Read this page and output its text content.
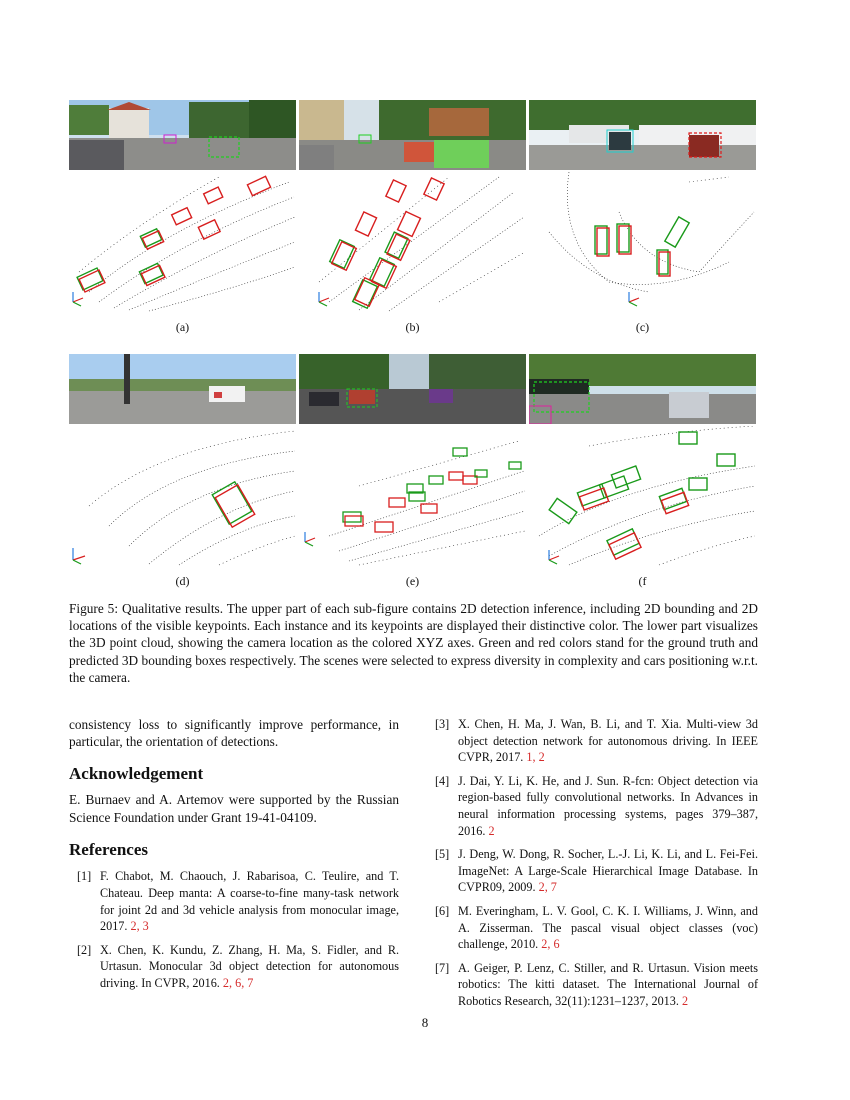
(a)	(b)	(c)
(d)	(e)	(f
Figure 5: Qualitative results. The upper part of each sub-figure contains 2D detection inference, including 2D bounding and 2D locations of the visible keypoints. Each instance and its keypoints are displayed their distinctive color. The lower part visualizes the 3D point cloud, showing the camera location as the colored XYZ axes. Green and red colors stand for the ground truth and predicted 3D bounding boxes respectively. The scenes were selected to express diversity in complexity and cars positioning w.r.t. the camera.

consistency loss to significantly improve performance, in particular, the orientation of detections.

Acknowledgement

E. Burnaev and A. Artemov were supported by the Russian Science Foundation under Grant 19-41-04109.

References
[1] F. Chabot, M. Chaouch, J. Rabarisoa, C. Teulire, and T. Chateau. Deep manta: A coarse-to-fine many-task network for joint 2d and 3d vehicle analysis from monocular image, 2017. 2, 3
[2] X. Chen, K. Kundu, Z. Zhang, H. Ma, S. Fidler, and R. Urtasun. Monocular 3d object detection for autonomous driving. In CVPR, 2016. 2, 6, 7
[3] X. Chen, H. Ma, J. Wan, B. Li, and T. Xia. Multi-view 3d object detection network for autonomous driving. In IEEE CVPR, 2017. 1, 2
[4] J. Dai, Y. Li, K. He, and J. Sun. R-fcn: Object detection via region-based fully convolutional networks. In Advances in neural information processing systems, pages 379–387, 2016. 2
[5] J. Deng, W. Dong, R. Socher, L.-J. Li, K. Li, and L. Fei-Fei. ImageNet: A Large-Scale Hierarchical Image Database. In CVPR09, 2009. 2, 7
[6] M. Everingham, L. V. Gool, C. K. I. Williams, J. Winn, and A. Zisserman. The pascal visual object classes (voc) challenge, 2010. 2, 6
[7] A. Geiger, P. Lenz, C. Stiller, and R. Urtasun. Vision meets robotics: The kitti dataset. The International Journal of Robotics Research, 32(11):1231–1237, 2013. 2
8
